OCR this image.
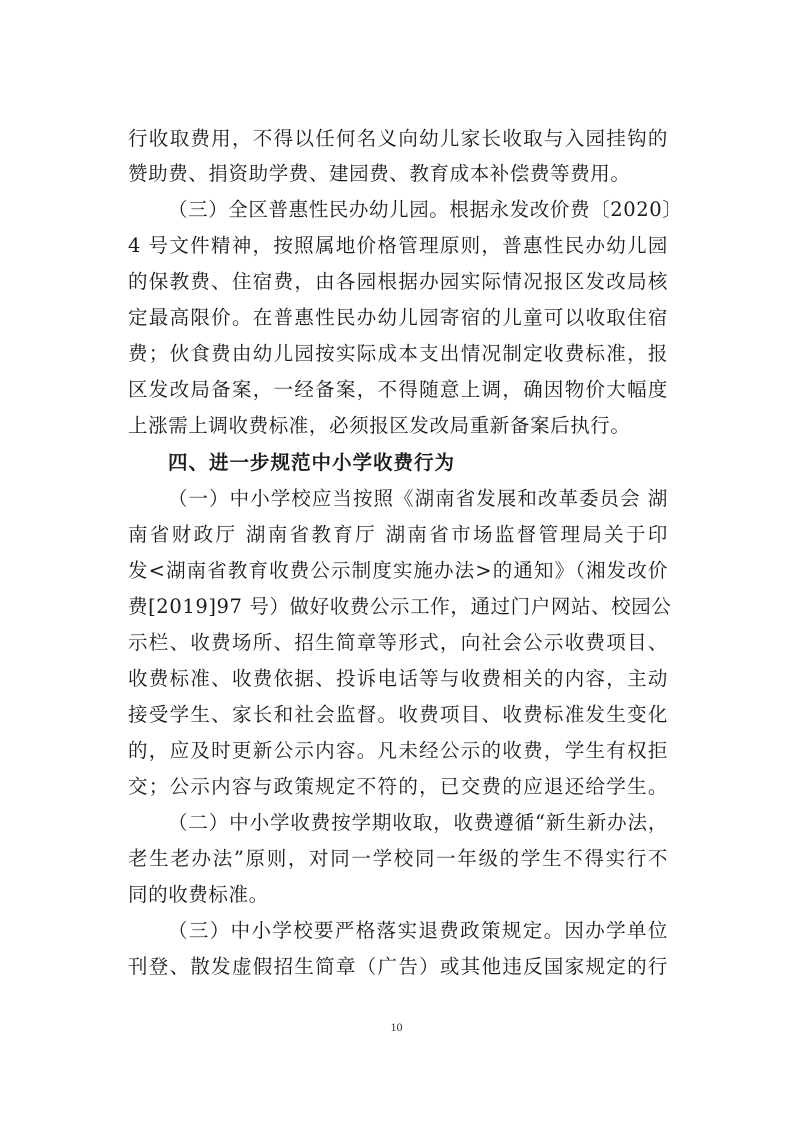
行收取费用，不得以任何名义向幼儿家长收取与入园挂钩的
赞助费、捐资助学费、建园费、教育成本补偿费等费用。
（三）全区普惠性民办幼儿园。根据永发改价费〔2020〕
4 号文件精神，按照属地价格管理原则，普惠性民办幼儿园
的保教费、住宿费，由各园根据办园实际情况报区发改局核
定最高限价。在普惠性民办幼儿园寄宿的儿童可以收取住宿
费；伙食费由幼儿园按实际成本支出情况制定收费标准，报
区发改局备案，一经备案，不得随意上调，确因物价大幅度
上涨需上调收费标准，必须报区发改局重新备案后执行。
四、进一步规范中小学收费行为
（一）中小学校应当按照《湖南省发展和改革委员会 湖
南省财政厅 湖南省教育厅 湖南省市场监督管理局关于印
发<湖南省教育收费公示制度实施办法>的通知》（湘发改价
费[2019]97 号）做好收费公示工作，通过门户网站、校园公
示栏、收费场所、招生简章等形式，向社会公示收费项目、
收费标准、收费依据、投诉电话等与收费相关的内容，主动
接受学生、家长和社会监督。收费项目、收费标准发生变化
的，应及时更新公示内容。凡未经公示的收费，学生有权拒
交；公示内容与政策规定不符的，已交费的应退还给学生。
（二）中小学收费按学期收取，收费遵循“新生新办法，
老生老办法”原则，对同一学校同一年级的学生不得实行不
同的收费标准。
（三）中小学校要严格落实退费政策规定。因办学单位
刊登、散发虚假招生简章（广告）或其他违反国家规定的行
10
